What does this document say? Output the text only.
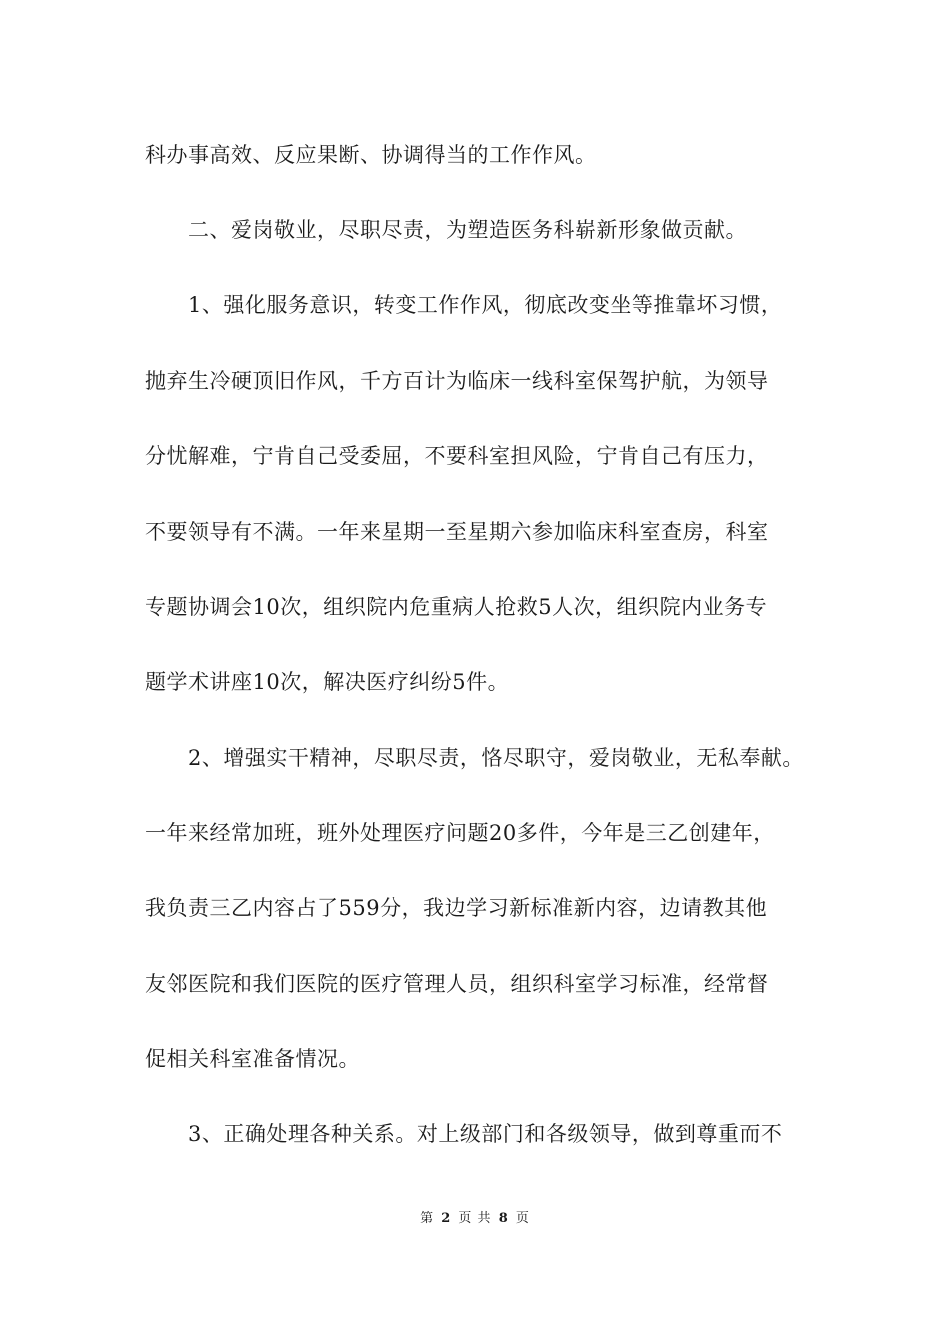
科办事高效、反应果断、协调得当的工作作风。
二、爱岗敬业，尽职尽责，为塑造医务科崭新形象做贡献。
1、强化服务意识，转变工作作风，彻底改变坐等推靠坏习惯，
抛弃生冷硬顶旧作风，千方百计为临床一线科室保驾护航，为领导
分忧解难，宁肯自己受委屈，不要科室担风险，宁肯自己有压力，
不要领导有不满。一年来星期一至星期六参加临床科室查房，科室
专题协调会10次，组织院内危重病人抢救5人次，组织院内业务专
题学术讲座10次，解决医疗纠纷5件。
2、增强实干精神，尽职尽责，恪尽职守，爱岗敬业，无私奉献。
一年来经常加班，班外处理医疗问题20多件，今年是三乙创建年，
我负责三乙内容占了559分，我边学习新标准新内容，边请教其他
友邻医院和我们医院的医疗管理人员，组织科室学习标准，经常督
促相关科室准备情况。
3、正确处理各种关系。对上级部门和各级领导，做到尊重而不
第 2 页 共 8 页
